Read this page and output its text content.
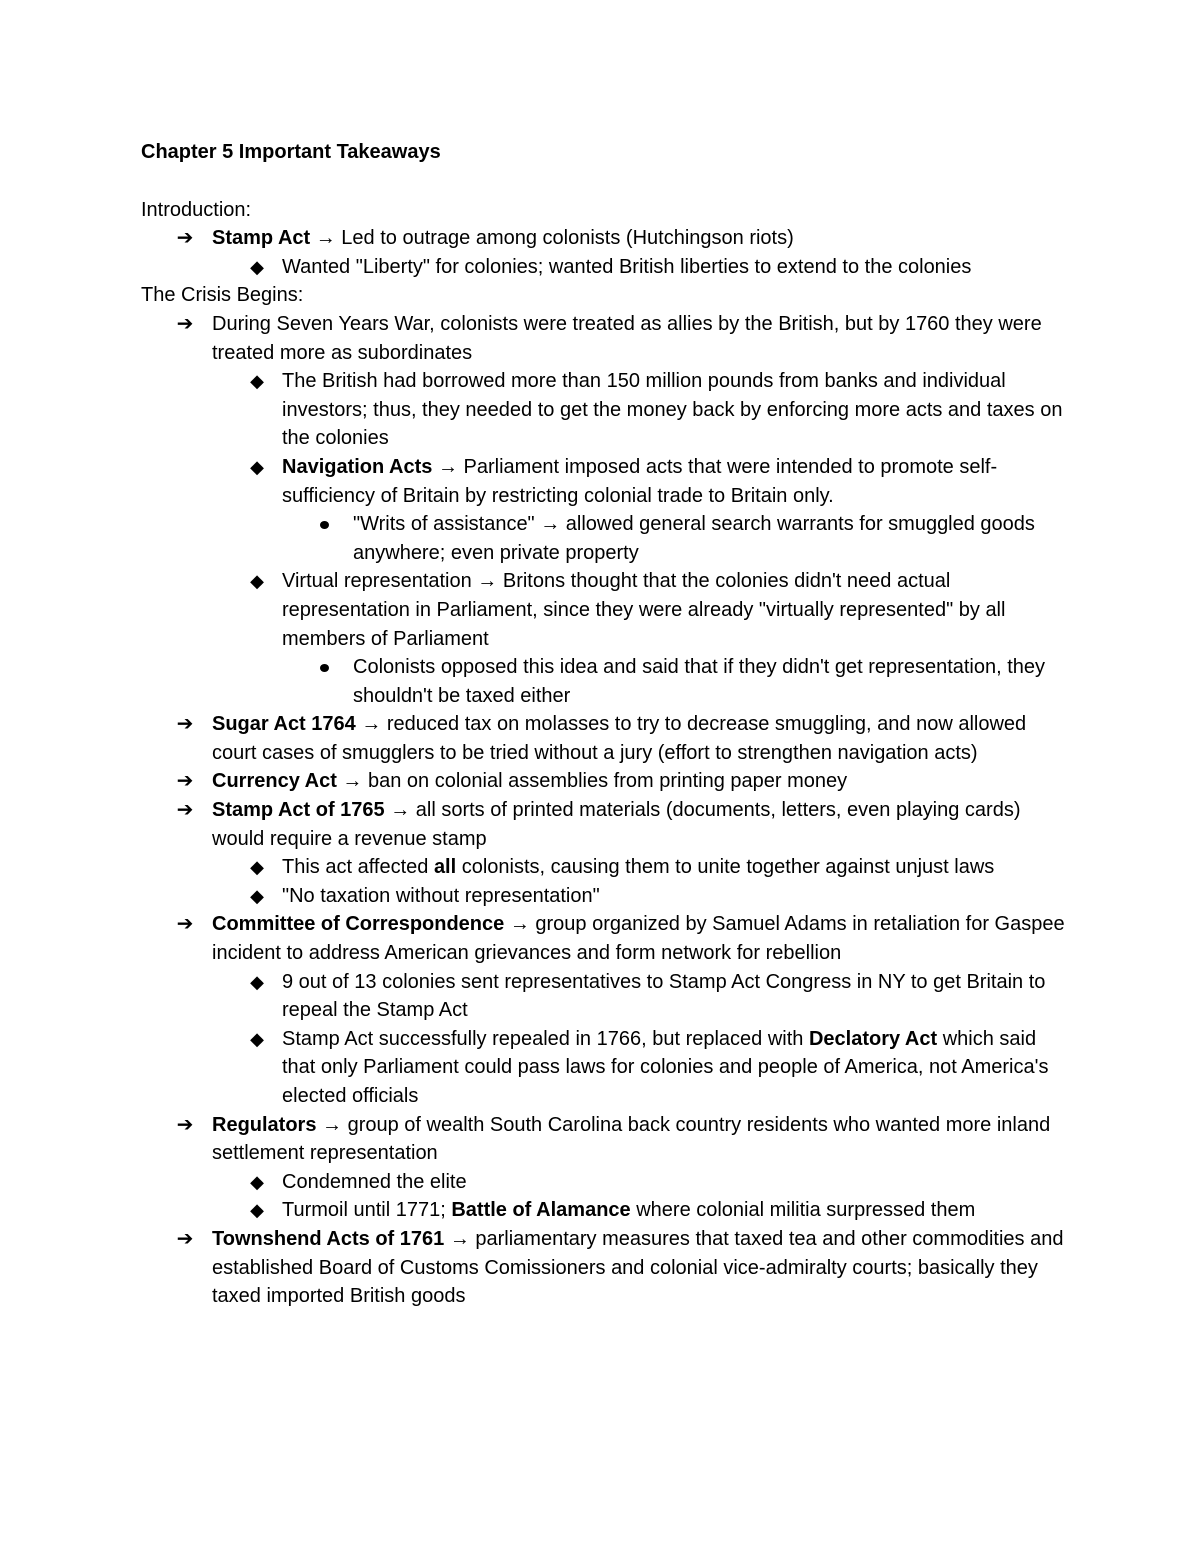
Chapter 5 Important Takeaways
Introduction:
➔ Stamp Act → Led to outrage among colonists (Hutchingson riots)
◆ Wanted "Liberty" for colonies; wanted British liberties to extend to the colonies
The Crisis Begins:
➔ During Seven Years War, colonists were treated as allies by the British, but by 1760 they were treated more as subordinates
◆ The British had borrowed more than 150 million pounds from banks and individual investors; thus, they needed to get the money back by enforcing more acts and taxes on the colonies
◆ Navigation Acts → Parliament imposed acts that were intended to promote self-sufficiency of Britain by restricting colonial trade to Britain only.
"Writs of assistance" → allowed general search warrants for smuggled goods anywhere; even private property
◆ Virtual representation → Britons thought that the colonies didn't need actual representation in Parliament, since they were already "virtually represented" by all members of Parliament
Colonists opposed this idea and said that if they didn't get representation, they shouldn't be taxed either
➔ Sugar Act 1764 → reduced tax on molasses to try to decrease smuggling, and now allowed court cases of smugglers to be tried without a jury (effort to strengthen navigation acts)
➔ Currency Act → ban on colonial assemblies from printing paper money
➔ Stamp Act of 1765 → all sorts of printed materials (documents, letters, even playing cards) would require a revenue stamp
◆ This act affected all colonists, causing them to unite together against unjust laws
◆ "No taxation without representation"
➔ Committee of Correspondence → group organized by Samuel Adams in retaliation for Gaspee incident to address American grievances and form network for rebellion
◆ 9 out of 13 colonies sent representatives to Stamp Act Congress in NY to get Britain to repeal the Stamp Act
◆ Stamp Act successfully repealed in 1766, but replaced with Declatory Act which said that only Parliament could pass laws for colonies and people of America, not America's elected officials
➔ Regulators → group of wealth South Carolina back country residents who wanted more inland settlement representation
◆ Condemned the elite
◆ Turmoil until 1771; Battle of Alamance where colonial militia surpressed them
➔ Townshend Acts of 1761 → parliamentary measures that taxed tea and other commodities and established Board of Customs Comissioners and colonial vice-admiralty courts; basically they taxed imported British goods
